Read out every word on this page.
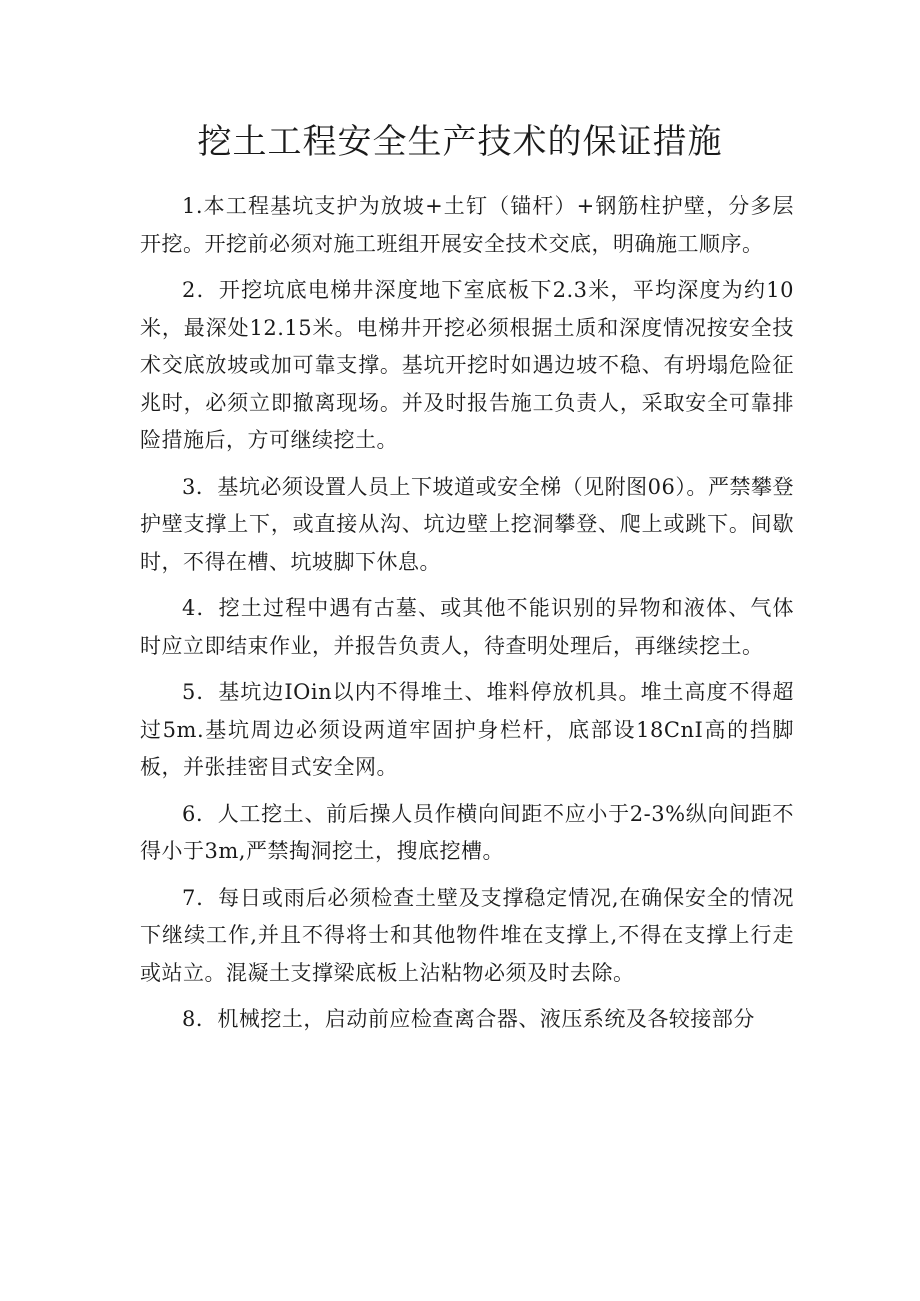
挖土工程安全生产技术的保证措施

1.本工程基坑支护为放坡+土钉（锚杆）+钢筋柱护壁，分多层开挖。开挖前必须对施工班组开展安全技术交底，明确施工顺序。

2．开挖坑底电梯井深度地下室底板下2.3米，平均深度为约10米，最深处12.15米。电梯井开挖必须根据土质和深度情况按安全技术交底放坡或加可靠支撑。基坑开挖时如遇边坡不稳、有坍塌危险征兆时，必须立即撤离现场。并及时报告施工负责人，采取安全可靠排险措施后，方可继续挖土。

3．基坑必须设置人员上下坡道或安全梯（见附图06）。严禁攀登护壁支撑上下，或直接从沟、坑边壁上挖洞攀登、爬上或跳下。间歇时，不得在槽、坑坡脚下休息。

4．挖土过程中遇有古墓、或其他不能识别的异物和液体、气体时应立即结束作业，并报告负责人，待查明处理后，再继续挖土。

5．基坑边IOin以内不得堆土、堆料停放机具。堆土高度不得超过5m.基坑周边必须设两道牢固护身栏杆，底部设18CnI高的挡脚板，并张挂密目式安全网。

6．人工挖土、前后操人员作横向间距不应小于2-3%纵向间距不得小于3m,严禁掏洞挖土，搜底挖槽。

7．每日或雨后必须检查土壁及支撑稳定情况,在确保安全的情况下继续工作,并且不得将士和其他物件堆在支撑上,不得在支撑上行走或站立。混凝土支撑梁底板上沾粘物必须及时去除。

8．机械挖土，启动前应检查离合器、液压系统及各较接部分
